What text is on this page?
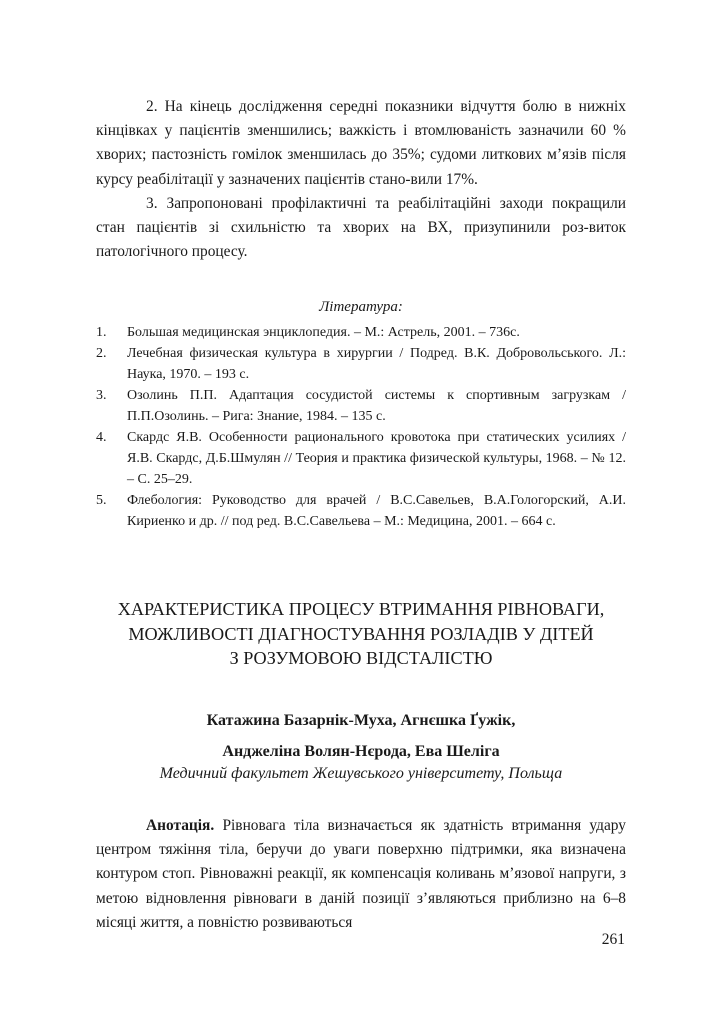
2. На кінець дослідження середні показники відчуття болю в нижніх кінцівках у пацієнтів зменшились; важкість і втомлюваність зазначили 60 % хворих; пастозність гомілок зменшилась до 35%; судоми литкових м’язів після курсу реабілітації у зазначених пацієнтів стано-вили 17%.

3. Запропоновані профілактичні та реабілітаційні заходи покращили стан пацієнтів зі схильністю та хворих на ВХ, призупинили роз-виток патологічного процесу.

Література:
1. Большая медицинская энциклопедия. – М.: Астрель, 2001. – 736с.
2. Лечебная физическая культура в хирургии / Подред. В.К. Добровольського. Л.: Наука, 1970. – 193 с.
3. Озолинь П.П. Адаптация сосудистой системы к спортивным загрузкам / П.П.Озолинь. – Рига: Знание, 1984. – 135 с.
4. Скардс Я.В. Особенности рационального кровотока при статических усилиях / Я.В. Скардс, Д.Б.Шмулян // Теория и практика физической культуры, 1968. – № 12. – С. 25–29.
5. Флебология: Руководство для врачей / В.С.Савельев, В.А.Гологорский, А.И. Кириенко и др. // под ред. В.С.Савельева – М.: Медицина, 2001. – 664 с.
ХАРАКТЕРИСТИКА ПРОЦЕСУ ВТРИМАННЯ РІВНОВАГИ,
МОЖЛИВОСТІ ДІАГНОСТУВАННЯ РОЗЛАДІВ У ДІТЕЙ
З РОЗУМОВОЮ ВІДСТАЛІСТЮ
Катажина Базарнік-Муха, Агнєшка Ґужік,
Анджеліна Волян-Нєрода, Ева Шеліга
Медичний факультет Жешувського університету, Польща

Анотація. Рівновага тіла визначається як здатність втримання удару центром тяжіння тіла, беручи до уваги поверхню підтримки, яка визначена контуром стоп. Рівноважні реакції, як компенсація коливань м’язової напруги, з метою відновлення рівноваги в даній позиції з’являються приблизно на 6–8 місяці життя, а повністю розвиваються

261
